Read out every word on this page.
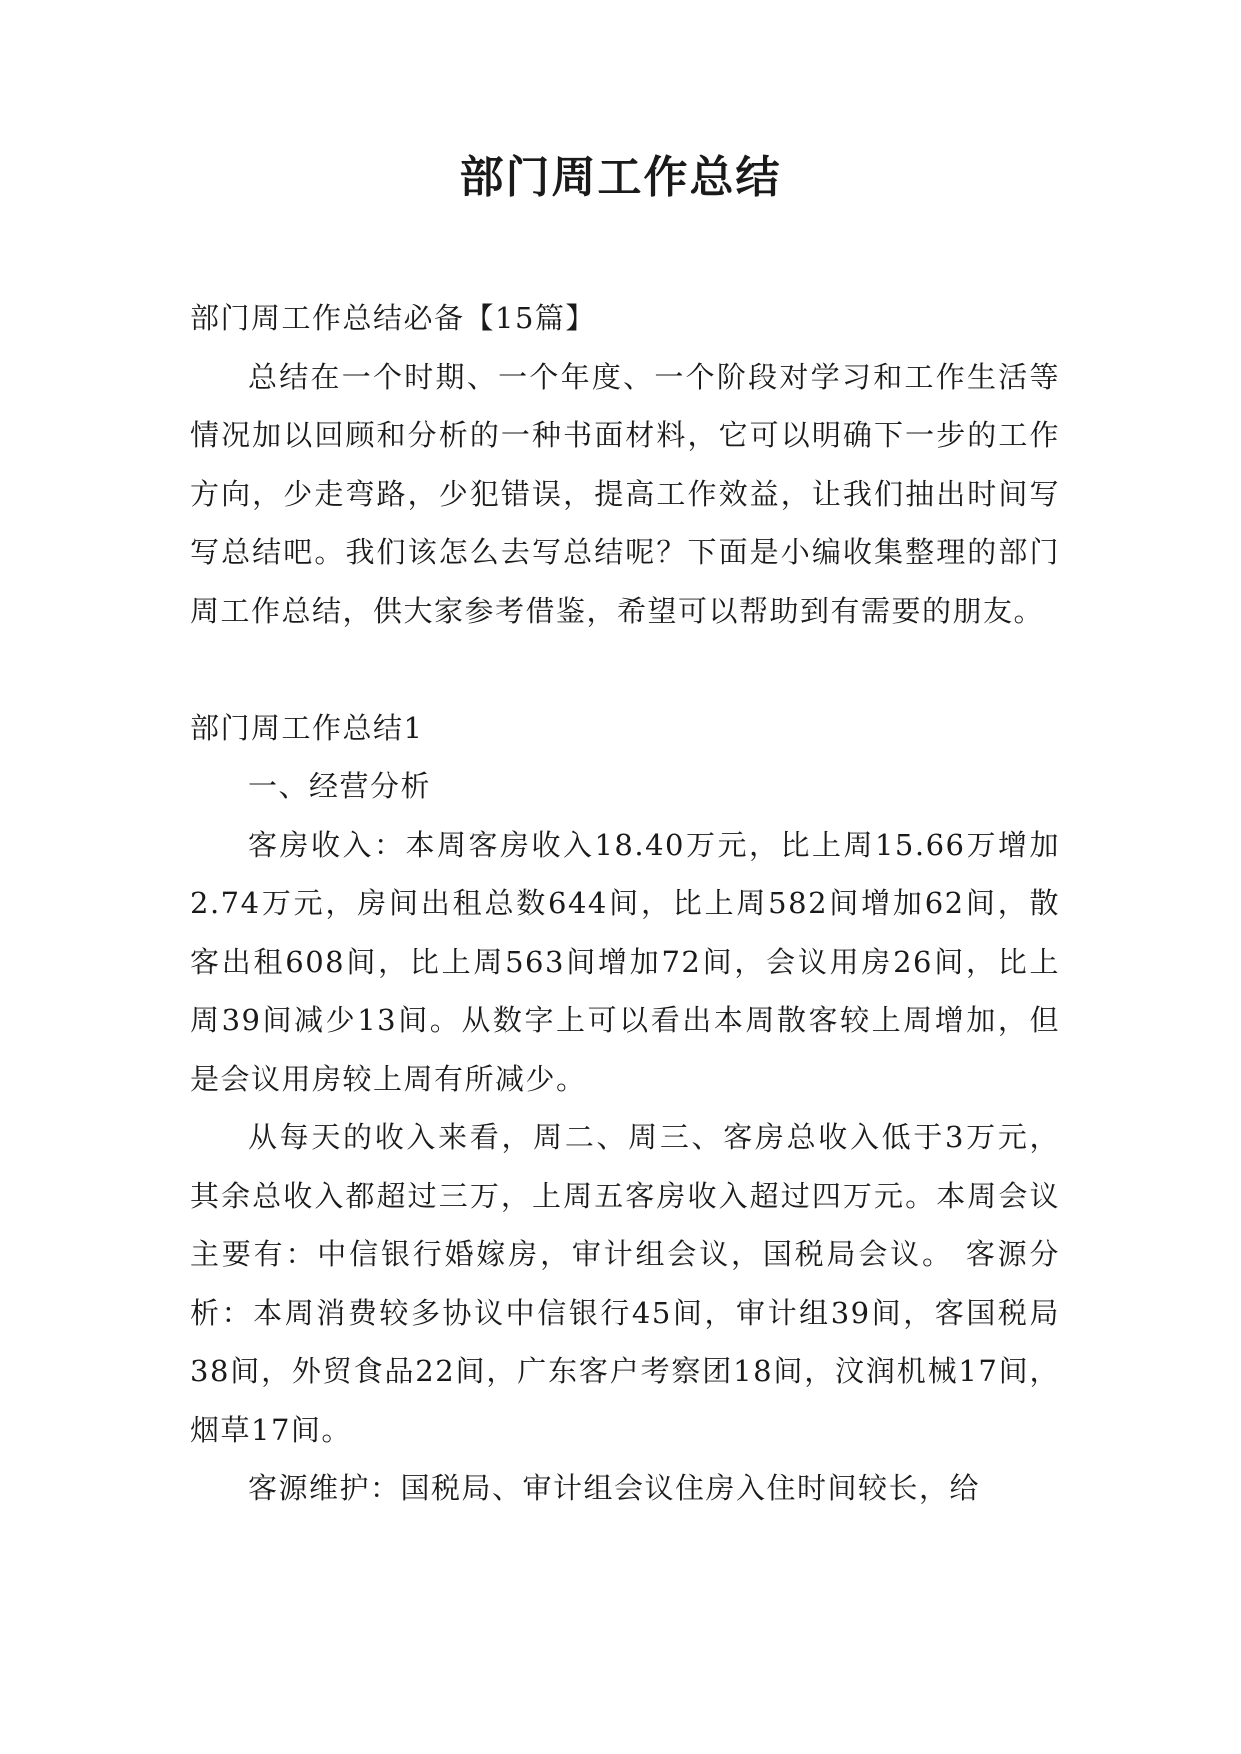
部门周工作总结

部门周工作总结必备【15篇】

总结在一个时期、一个年度、一个阶段对学习和工作生活等情况加以回顾和分析的一种书面材料，它可以明确下一步的工作方向，少走弯路，少犯错误，提高工作效益，让我们抽出时间写写总结吧。我们该怎么去写总结呢？下面是小编收集整理的部门周工作总结，供大家参考借鉴，希望可以帮助到有需要的朋友。

部门周工作总结1

一、经营分析

客房收入：本周客房收入18.40万元，比上周15.66万增加2.74万元，房间出租总数644间，比上周582间增加62间，散客出租608间，比上周563间增加72间，会议用房26间，比上周39间减少13间。从数字上可以看出本周散客较上周增加，但是会议用房较上周有所减少。

从每天的收入来看，周二、周三、客房总收入低于3万元，其余总收入都超过三万，上周五客房收入超过四万元。本周会议主要有：中信银行婚嫁房，审计组会议，国税局会议。 客源分析：本周消费较多协议中信银行45间，审计组39间，客国税局38间，外贸食品22间，广东客户考察团18间，汶润机械17间，烟草17间。

客源维护：国税局、审计组会议住房入住时间较长，给
